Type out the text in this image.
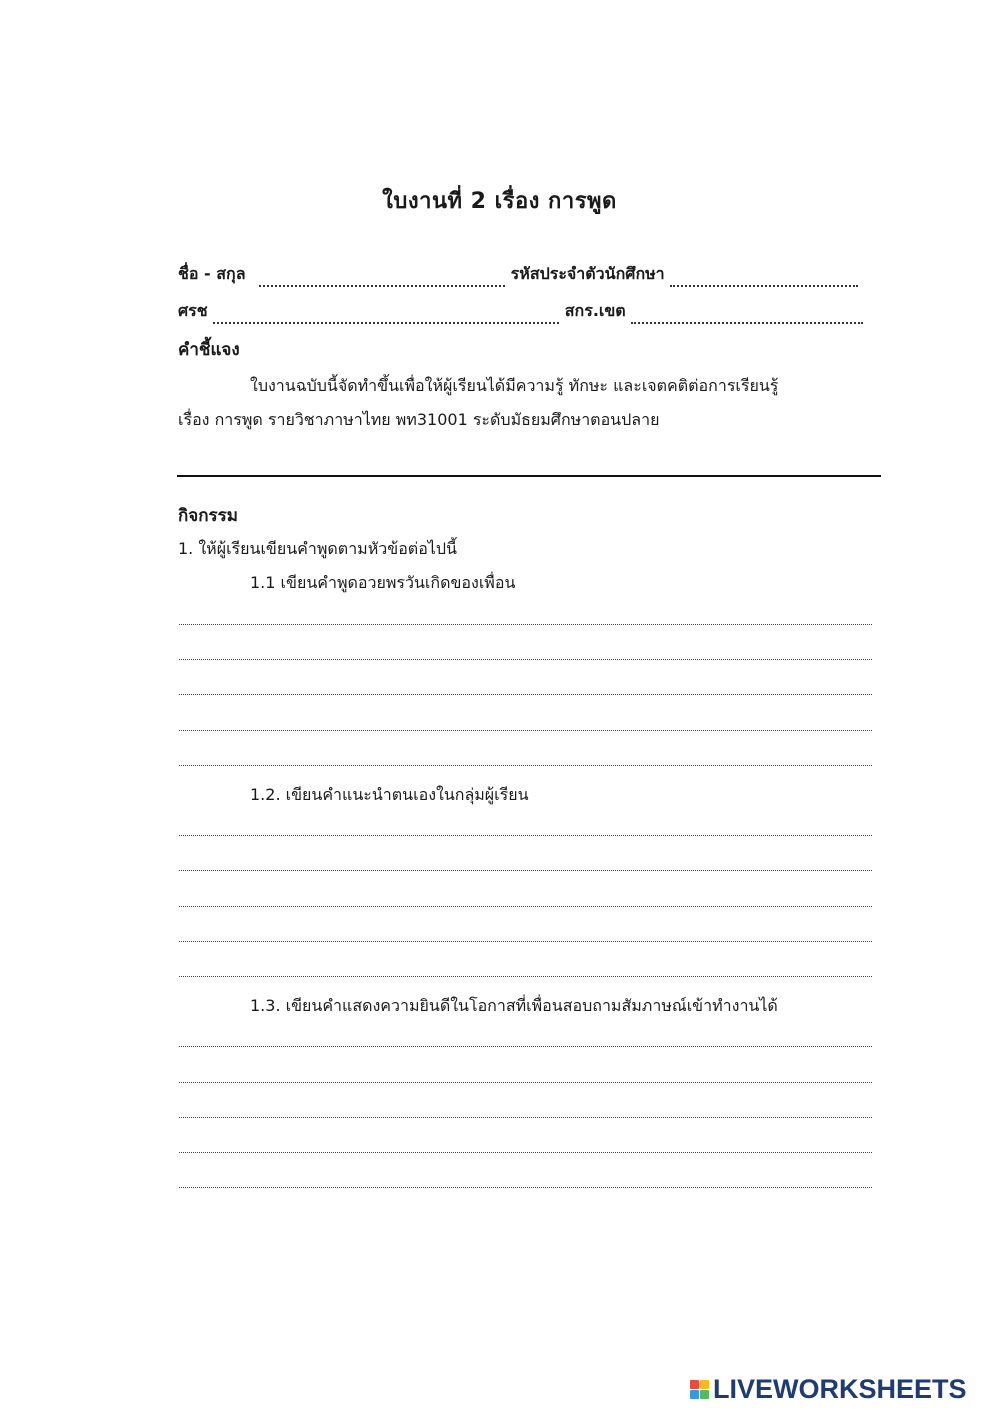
ใบงานที่ 2 เรื่อง การพูด
ชื่อ - สกุล	รหัสประจำตัวนักศึกษา
ศรช	สกร.เขต
คำชี้แจง
ใบงานฉบับนี้จัดทำขึ้นเพื่อให้ผู้เรียนได้มีความรู้ ทักษะ และเจตคติต่อการเรียนรู้
เรื่อง การพูด รายวิชาภาษาไทย พท31001 ระดับมัธยมศึกษาตอนปลาย
กิจกรรม
1. ให้ผู้เรียนเขียนคำพูดตามหัวข้อต่อไปนี้
1.1 เขียนคำพูดอวยพรวันเกิดของเพื่อน
1.2. เขียนคำแนะนำตนเองในกลุ่มผู้เรียน
1.3. เขียนคำแสดงความยินดีในโอกาสที่เพื่อนสอบถามสัมภาษณ์เข้าทำงานได้
LIVEWORKSHEETS
